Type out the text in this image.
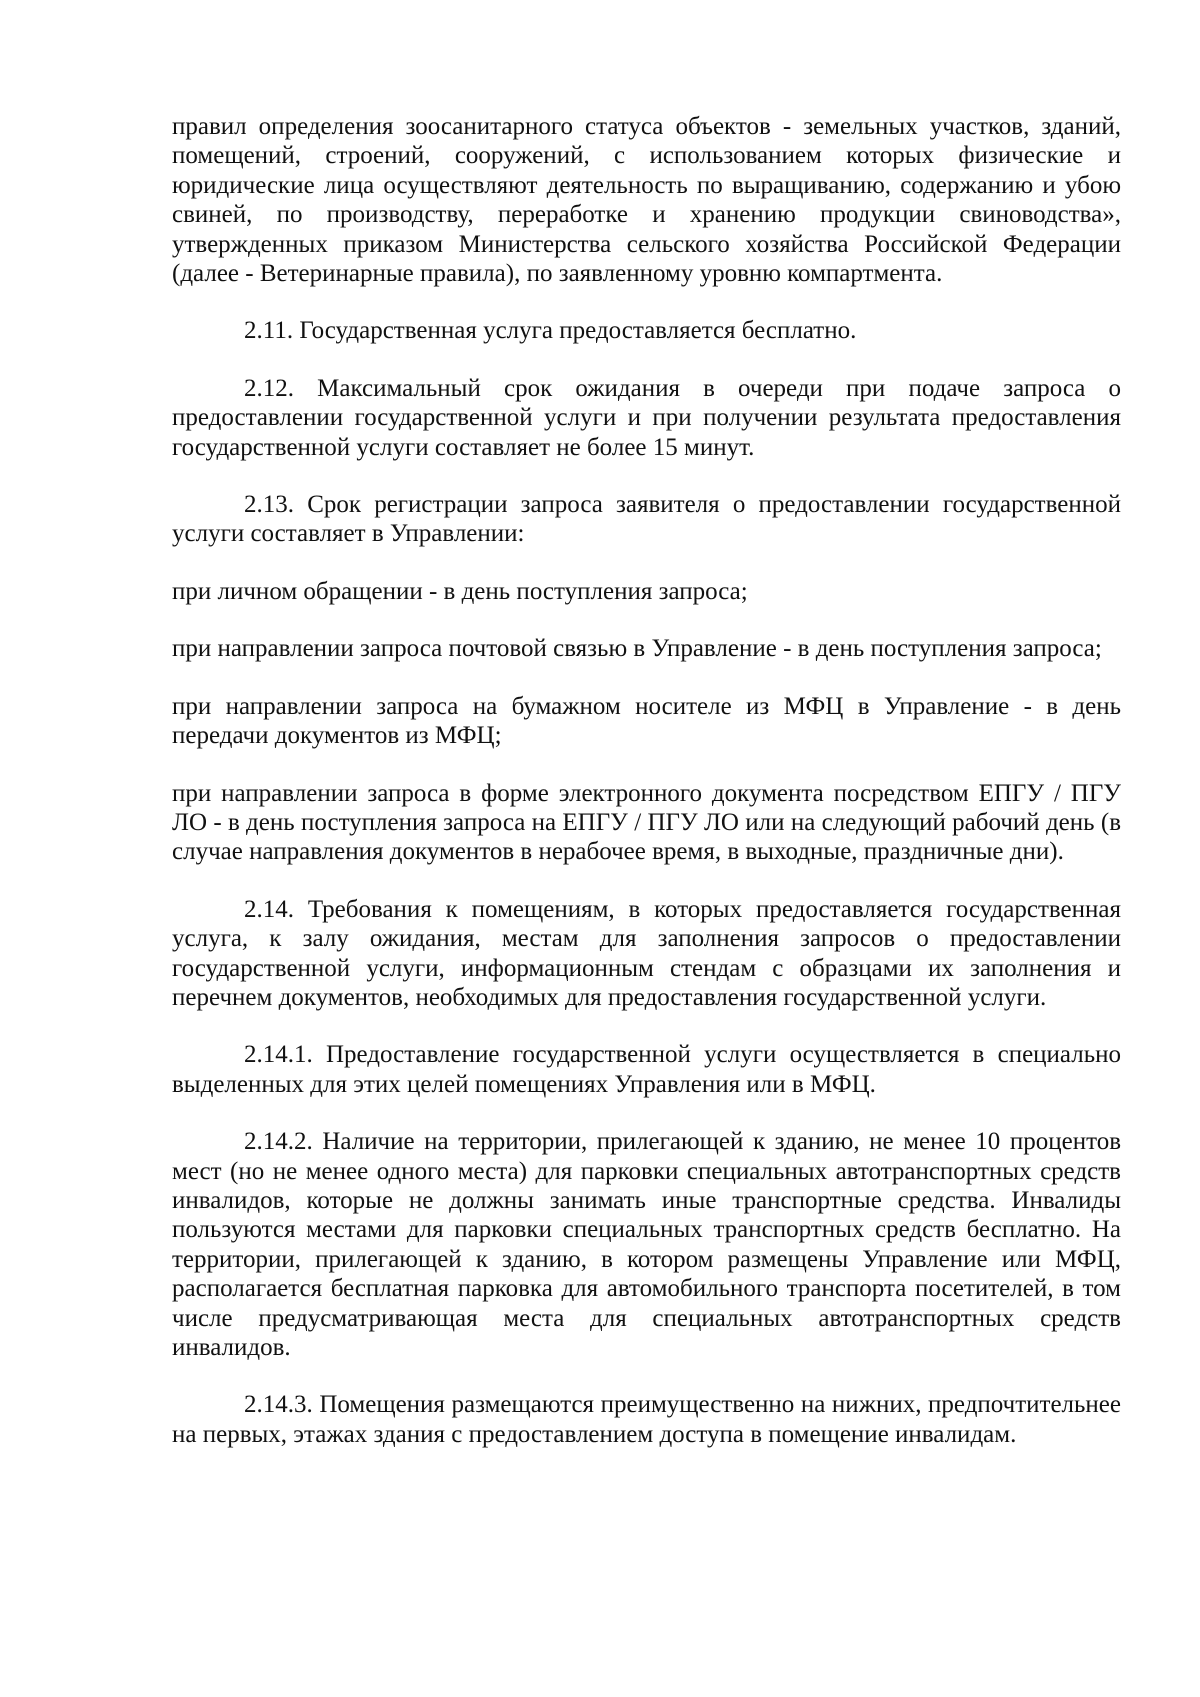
правил определения зоосанитарного статуса объектов - земельных участков, зданий, помещений, строений, сооружений, с использованием которых физические и юридические лица осуществляют деятельность по выращиванию, содержанию и убою свиней, по производству, переработке и хранению продукции свиноводства», утвержденных приказом Министерства сельского хозяйства Российской Федерации (далее - Ветеринарные правила), по заявленному уровню компартмента.

2.11. Государственная услуга предоставляется бесплатно.

2.12. Максимальный срок ожидания в очереди при подаче запроса о предоставлении государственной услуги и при получении результата предоставления государственной услуги составляет не более 15 минут.

2.13. Срок регистрации запроса заявителя о предоставлении государственной услуги составляет в Управлении:

при личном обращении - в день поступления запроса;

при направлении запроса почтовой связью в Управление - в день поступления запроса;

при направлении запроса на бумажном носителе из МФЦ в Управление - в день передачи документов из МФЦ;

при направлении запроса в форме электронного документа посредством ЕПГУ / ПГУ ЛО - в день поступления запроса на ЕПГУ / ПГУ ЛО или на следующий рабочий день (в случае направления документов в нерабочее время, в выходные, праздничные дни).

2.14. Требования к помещениям, в которых предоставляется государственная услуга, к залу ожидания, местам для заполнения запросов о предоставлении государственной услуги, информационным стендам с образцами их заполнения и перечнем документов, необходимых для предоставления государственной услуги.

2.14.1. Предоставление государственной услуги осуществляется в специально выделенных для этих целей помещениях Управления или в МФЦ.

2.14.2. Наличие на территории, прилегающей к зданию, не менее 10 процентов мест (но не менее одного места) для парковки специальных автотранспортных средств инвалидов, которые не должны занимать иные транспортные средства. Инвалиды пользуются местами для парковки специальных транспортных средств бесплатно. На территории, прилегающей к зданию, в котором размещены Управление или МФЦ, располагается бесплатная парковка для автомобильного транспорта посетителей, в том числе предусматривающая места для специальных автотранспортных средств инвалидов.

2.14.3. Помещения размещаются преимущественно на нижних, предпочтительнее на первых, этажах здания с предоставлением доступа в помещение инвалидам.
